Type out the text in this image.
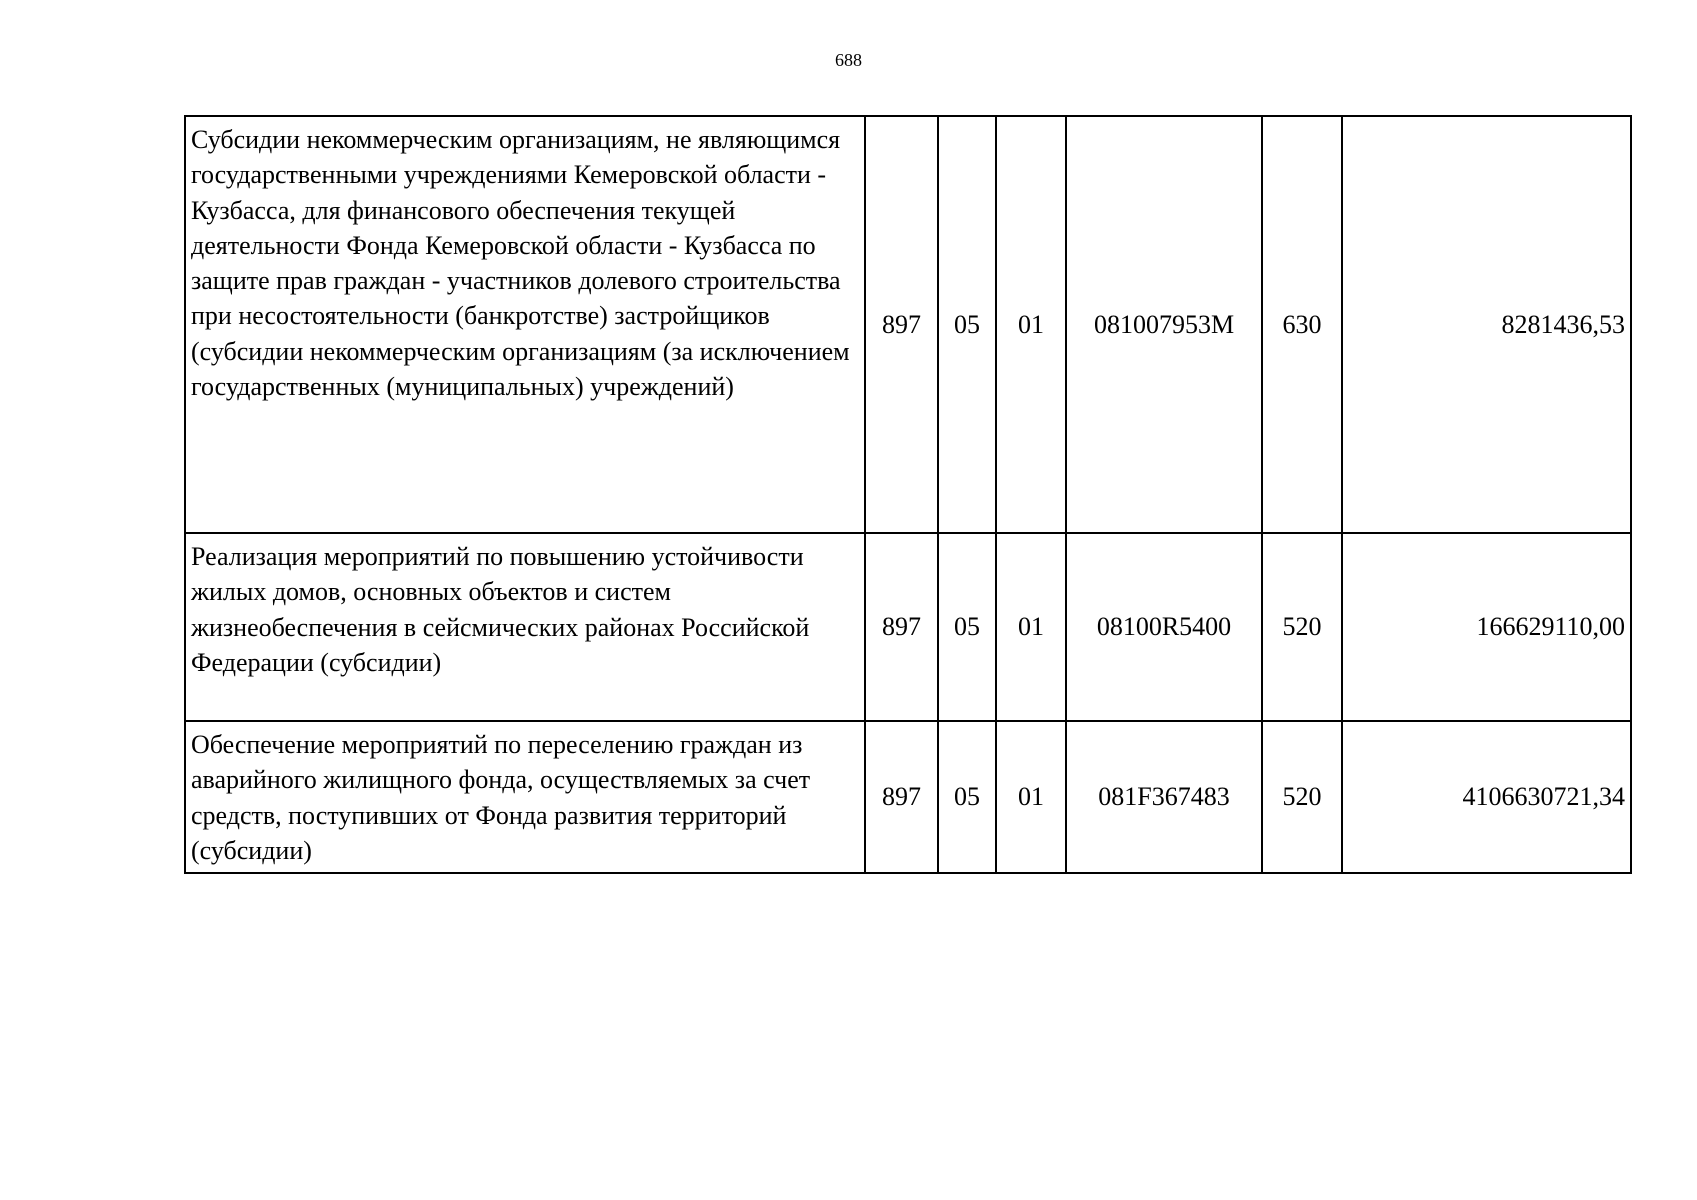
688
Субсидии некоммерческим организациям, не являющимся государственными учреждениями Кемеровской области - Кузбасса, для финансового обеспечения текущей деятельности Фонда Кемеровской области - Кузбасса по защите прав граждан - участников долевого строительства при несостоятельности (банкротстве) застройщиков (субсидии некоммерческим организациям (за исключением государственных (муниципальных) учреждений)	897	05	01	081007953М	630	8281436,53
Реализация мероприятий по повышению устойчивости жилых домов, основных объектов и систем жизнеобеспечения в сейсмических районах Российской Федерации (субсидии)	897	05	01	08100R5400	520	166629110,00
Обеспечение мероприятий по переселению граждан из аварийного жилищного фонда, осуществляемых за счет средств, поступивших от Фонда развития территорий (субсидии)	897	05	01	081F367483	520	4106630721,34
